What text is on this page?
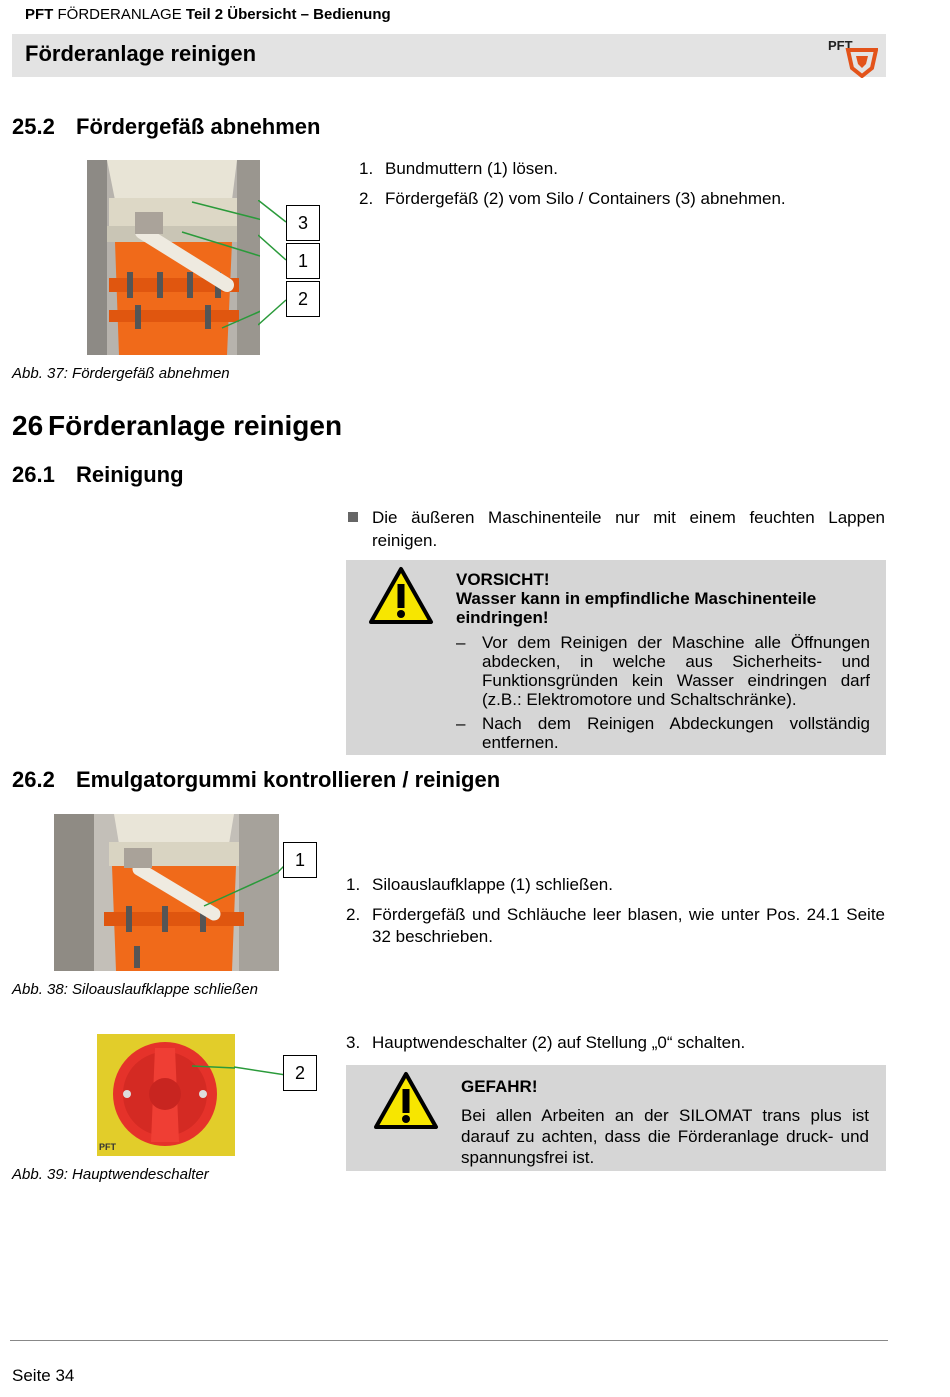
PFT FÖRDERANLAGE Teil 2 Übersicht – Bedienung
Förderanlage reinigen	PFT
25.2 Fördergefäß abnehmen
3
1
2
1. Bundmuttern (1) lösen.
2. Fördergefäß (2) vom Silo / Containers (3) abnehmen.
Abb. 37: Fördergefäß abnehmen
26 Förderanlage reinigen
26.1 Reinigung
Die äußeren Maschinenteile nur mit einem feuchten Lappen reinigen.
VORSICHT!
Wasser kann in empfindliche Maschinenteile eindringen!
– Vor dem Reinigen der Maschine alle Öffnungen abdecken, in welche aus Sicherheits- und Funktionsgründen kein Wasser eindringen darf (z.B.: Elektromotore und Schaltschränke).
– Nach dem Reinigen Abdeckungen vollständig entfernen.
26.2 Emulgatorgummi kontrollieren / reinigen
1
1. Siloauslaufklappe (1) schließen.
2. Fördergefäß und Schläuche leer blasen, wie unter Pos. 24.1 Seite 32 beschrieben.
Abb. 38: Siloauslaufklappe schließen
PFT
2
Abb. 39: Hauptwendeschalter
3. Hauptwendeschalter (2) auf Stellung „0“ schalten.
GEFAHR!
Bei allen Arbeiten an der SILOMAT trans plus ist darauf zu achten, dass die Förderanlage druck- und spannungsfrei ist.
Seite 34
